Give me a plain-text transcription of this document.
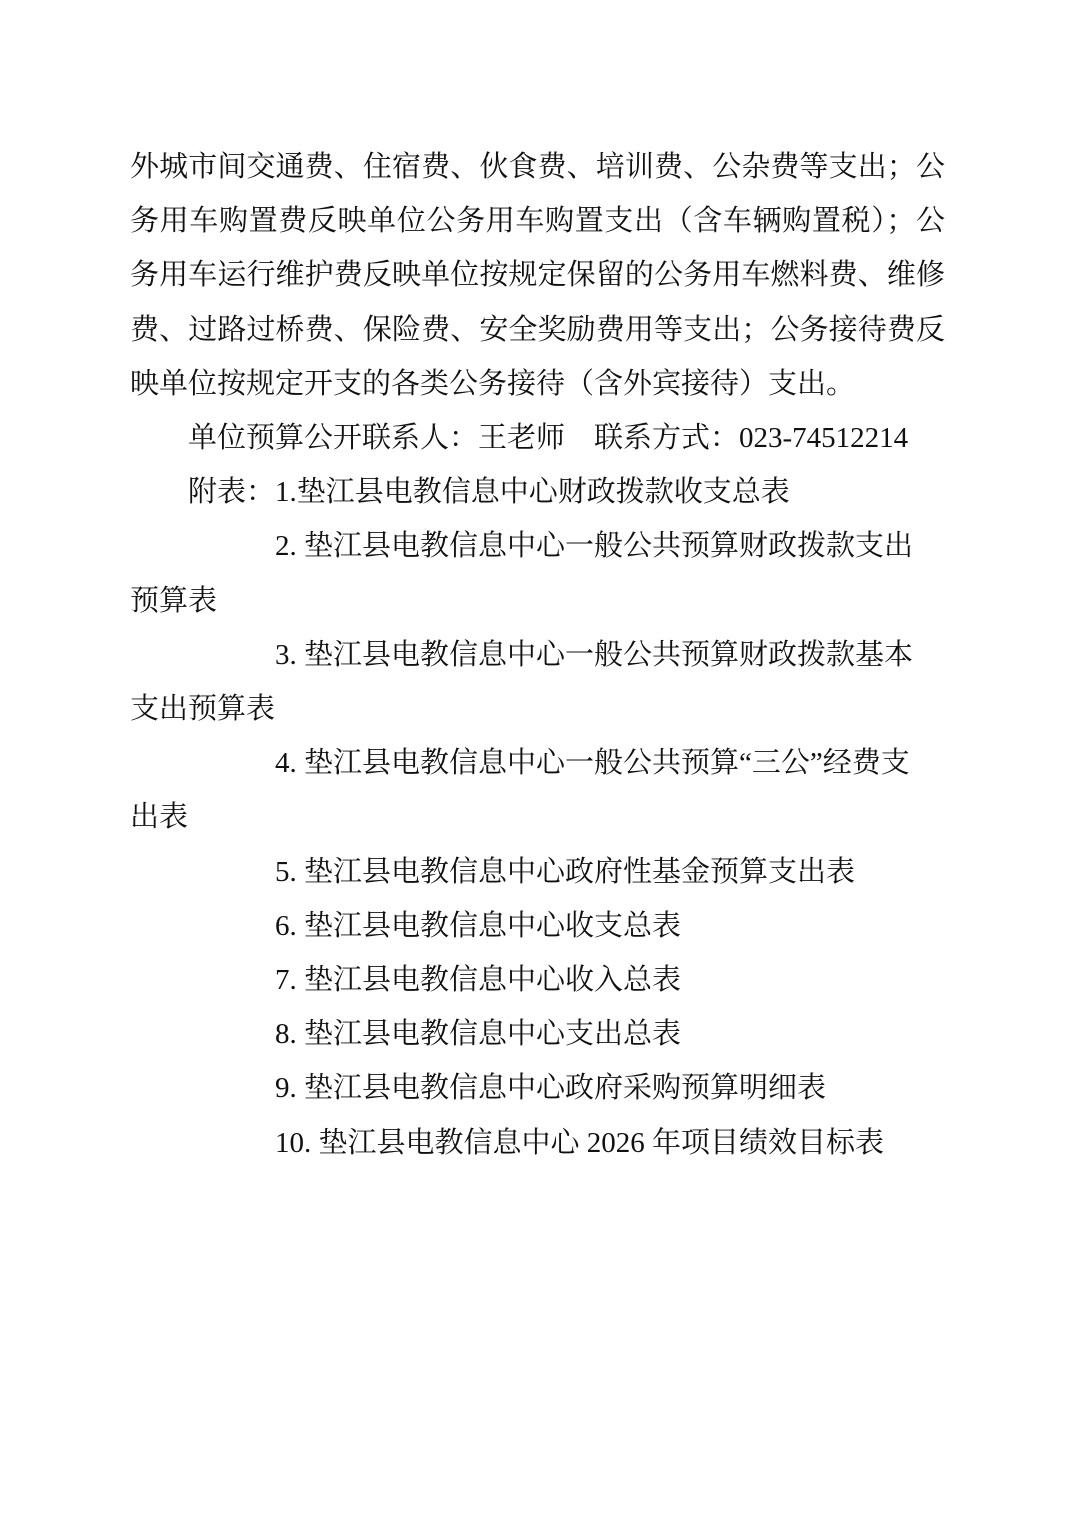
外城市间交通费、住宿费、伙食费、培训费、公杂费等支出；公
务用车购置费反映单位公务用车购置支出（含车辆购置税）；公
务用车运行维护费反映单位按规定保留的公务用车燃料费、维修
费、过路过桥费、保险费、安全奖励费用等支出；公务接待费反
映单位按规定开支的各类公务接待（含外宾接待）支出。
单位预算公开联系人：王老师　联系方式：023-74512214
附表：1.垫江县电教信息中心财政拨款收支总表
2. 垫江县电教信息中心一般公共预算财政拨款支出
预算表
3. 垫江县电教信息中心一般公共预算财政拨款基本
支出预算表
4. 垫江县电教信息中心一般公共预算“三公”经费支
出表
5. 垫江县电教信息中心政府性基金预算支出表
6. 垫江县电教信息中心收支总表
7. 垫江县电教信息中心收入总表
8. 垫江县电教信息中心支出总表
9. 垫江县电教信息中心政府采购预算明细表
10. 垫江县电教信息中心 2026 年项目绩效目标表
